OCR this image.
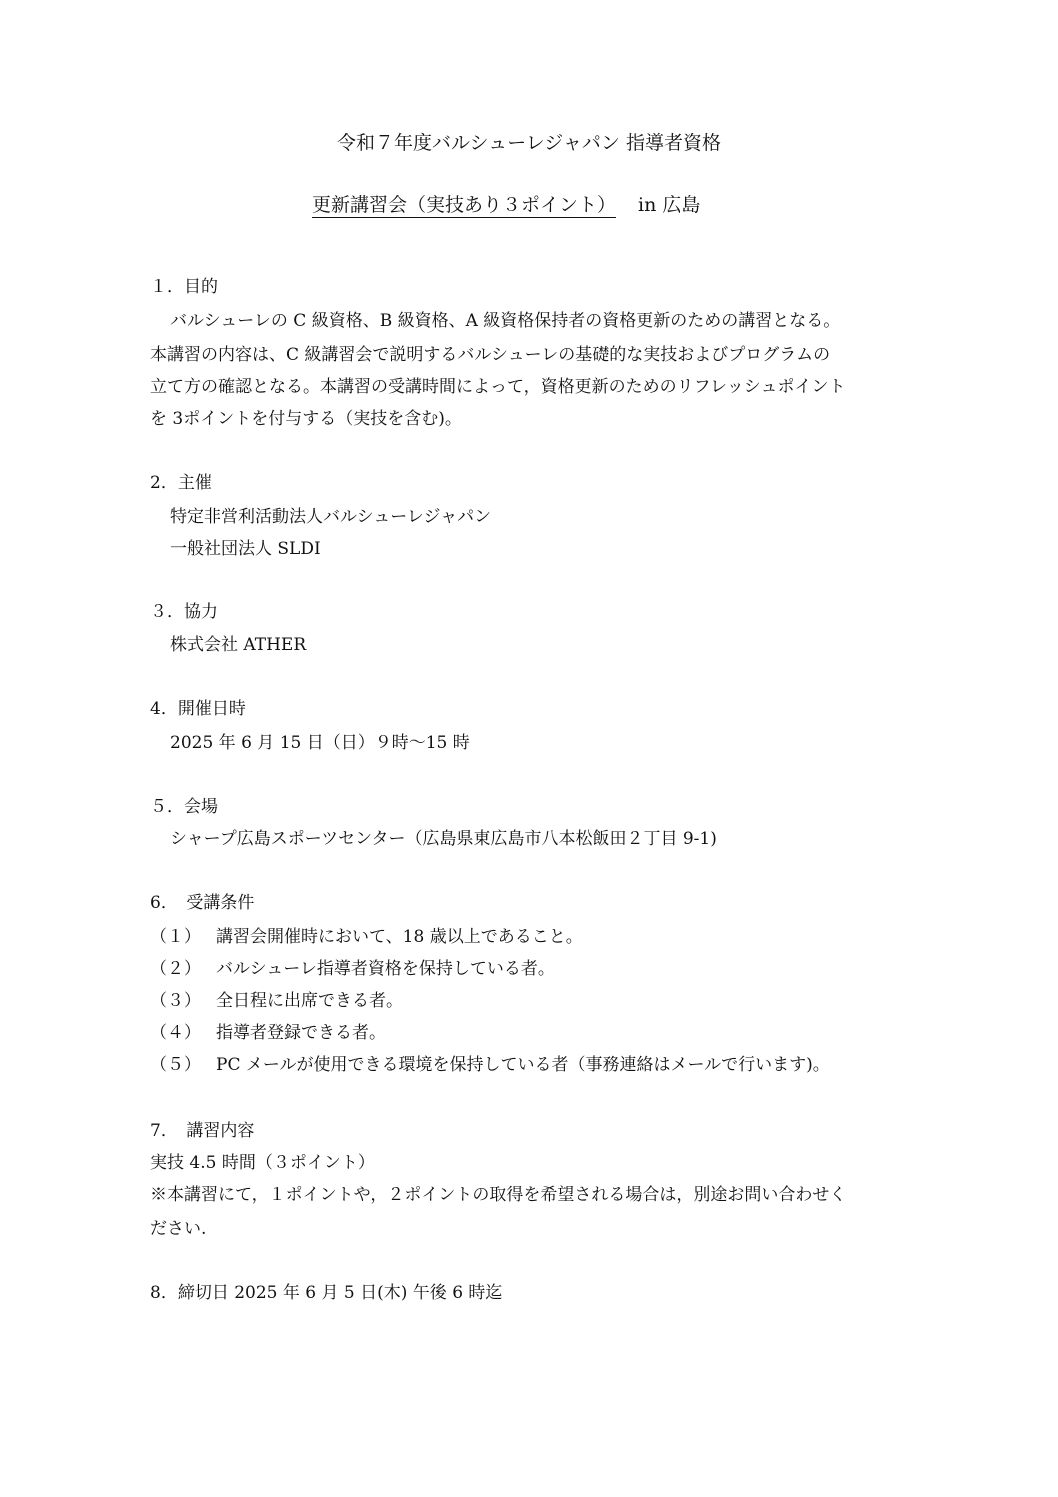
令和７年度バルシューレジャパン 指導者資格
更新講習会（実技あり３ポイント） in 広島
１．目的
バルシューレの C 級資格、B 級資格、A 級資格保持者の資格更新のための講習となる。
本講習の内容は、C 級講習会で説明するバルシューレの基礎的な実技およびプログラムの
立て方の確認となる。本講習の受講時間によって，資格更新のためのリフレッシュポイント
を 3ポイントを付与する（実技を含む)。
2．主催
特定非営利活動法人バルシューレジャパン
一般社団法人 SLDI
３．協力
株式会社 ATHER
4．開催日時
2025 年 6 月 15 日（日）９時～15 時
５．会場
シャープ広島スポーツセンター（広島県東広島市八本松飯田２丁目 9-1)
6．　受講条件
（１） 講習会開催時において、18 歳以上であること。
（２） バルシューレ指導者資格を保持している者。
（３） 全日程に出席できる者。
（４） 指導者登録できる者。
（５） PC メールが使用できる環境を保持している者（事務連絡はメールで行います)。
7．　講習内容
実技 4.5 時間（３ポイント）
※本講習にて，１ポイントや，２ポイントの取得を希望される場合は，別途お問い合わせく
ださい.
8．締切日 2025 年 6 月 5 日(木) 午後 6 時迄
